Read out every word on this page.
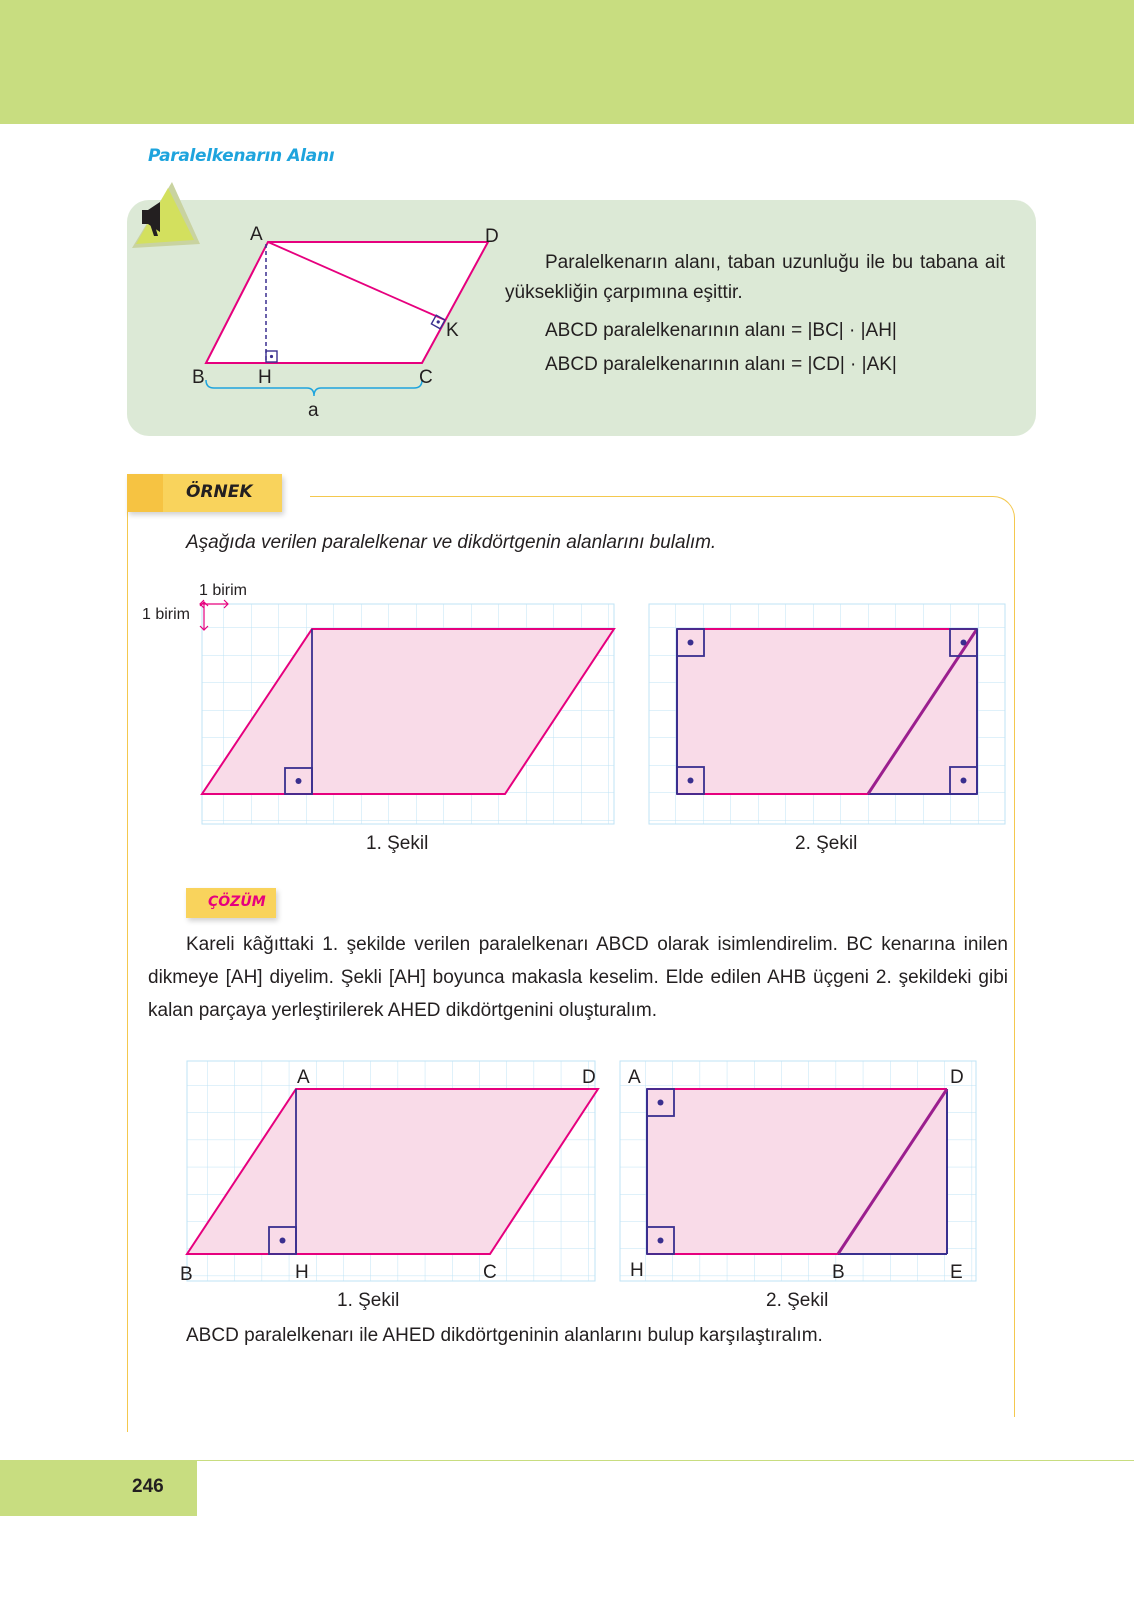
Paralelkenarın Alanı
A	D
B	H	C
K
a
Paralelkenarın alanı, taban uzunluğu ile bu tabana ait yüksekliğin çarpımına eşittir.
ABCD paralelkenarının alanı = |BC| · |AH|
ABCD paralelkenarının alanı = |CD| · |AK|
ÖRNEK
Aşağıda verilen paralelkenar ve dikdörtgenin alanlarını bulalım.
1 birim
1 birim
1. Şekil	2. Şekil
ÇÖZÜM
Kareli kâğıttaki 1. şekilde verilen paralelkenarı ABCD olarak isimlendirelim. BC kenarına inilen dikmeye [AH] diyelim. Şekli [AH] boyunca makasla keselim. Elde edilen AHB üçgeni 2. şekildeki gibi kalan parçaya yerleştirilerek AHED dikdörtgenini oluşturalım.
A	D
B	H	C
1. Şekil
A	D
H	B	E
2. Şekil
ABCD paralelkenarı ile AHED dikdörtgeninin alanlarını bulup karşılaştıralım.
246
